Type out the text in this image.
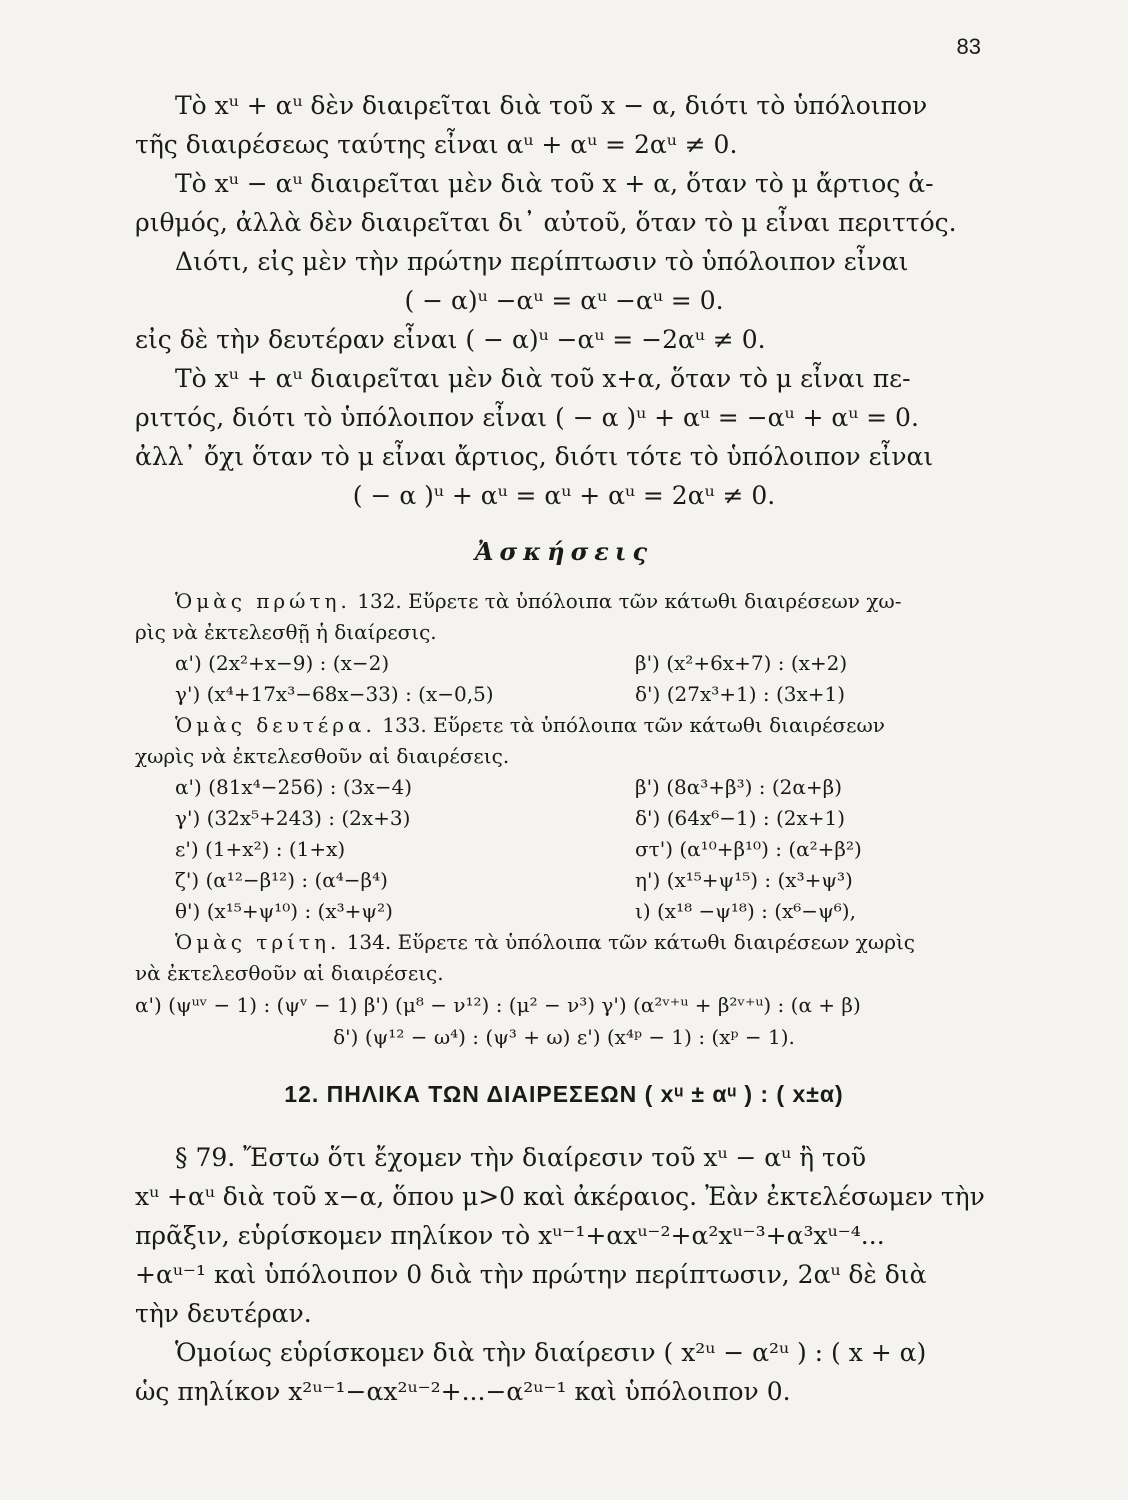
83
Τὸ xᵘ + αᵘ δὲν διαιρεῖται διὰ τοῦ x − α, διότι τὸ ὑπόλοιπον
τῆς διαιρέσεως ταύτης εἶναι αᵘ + αᵘ = 2αᵘ ≠ 0.
Τὸ xᵘ − αᵘ διαιρεῖται μὲν διὰ τοῦ x + α, ὅταν τὸ μ ἄρτιος ἀ-
ριθμός, ἀλλὰ δὲν διαιρεῖται δι᾿ αὐτοῦ, ὅταν τὸ μ εἶναι περιττός.
Διότι, εἰς μὲν τὴν πρώτην περίπτωσιν τὸ ὑπόλοιπον εἶναι
( − α)ᵘ −αᵘ = αᵘ −αᵘ = 0.
εἰς δὲ τὴν δευτέραν εἶναι ( − α)ᵘ −αᵘ = −2αᵘ ≠ 0.
Τὸ xᵘ + αᵘ διαιρεῖται μὲν διὰ τοῦ x+α, ὅταν τὸ μ εἶναι πε-
ριττός, διότι τὸ ὑπόλοιπον εἶναι ( − α )ᵘ + αᵘ = −αᵘ + αᵘ = 0.
ἀλλ᾿ ὄχι ὅταν τὸ μ εἶναι ἄρτιος, διότι τότε τὸ ὑπόλοιπον εἶναι
( − α )ᵘ + αᵘ = αᵘ + αᵘ = 2αᵘ ≠ 0.
Ἀσκήσεις
Ὁμὰς πρώτη. 132. Εὕρετε τὰ ὑπόλοιπα τῶν κάτωθι διαιρέσεων χω-
ρὶς νὰ ἐκτελεσθῇ ἡ διαίρεσις.
α') (2x²+x−9) : (x−2)	β') (x²+6x+7) : (x+2)
γ') (x⁴+17x³−68x−33) : (x−0,5)	δ') (27x³+1) : (3x+1)
Ὁμὰς δευτέρα. 133. Εὕρετε τὰ ὑπόλοιπα τῶν κάτωθι διαιρέσεων
χωρὶς νὰ ἐκτελεσθοῦν αἱ διαιρέσεις.
α') (81x⁴−256) : (3x−4)	β') (8α³+β³) : (2α+β)
γ') (32x⁵+243) : (2x+3)	δ') (64x⁶−1) : (2x+1)
ε') (1+x²) : (1+x)	στ') (α¹⁰+β¹⁰) : (α²+β²)
ζ') (α¹²−β¹²) : (α⁴−β⁴)	η') (x¹⁵+ψ¹⁵) : (x³+ψ³)
θ') (x¹⁵+ψ¹⁰) : (x³+ψ²)	ι) (x¹⁸ −ψ¹⁸) : (x⁶−ψ⁶),
Ὁμὰς τρίτη. 134. Εὕρετε τὰ ὑπόλοιπα τῶν κάτωθι διαιρέσεων χωρὶς
νὰ ἐκτελεσθοῦν αἱ διαιρέσεις.
α') (ψᵘᵛ − 1) : (ψᵛ − 1) β') (μ⁸ − ν¹²) : (μ² − ν³) γ') (α²ᵛ⁺ᵘ + β²ᵛ⁺ᵘ) : (α + β)
δ') (ψ¹² − ω⁴) : (ψ³ + ω) ε') (x⁴ᵖ − 1) : (xᵖ − 1).
12. ΠΗΛΙΚΑ ΤΩΝ ΔΙΑΙΡΕΣΕΩΝ ( xᵘ ± αᵘ ) : ( x±α)
§ 79. Ἔστω ὅτι ἔχομεν τὴν διαίρεσιν τοῦ xᵘ − αᵘ ἢ τοῦ
xᵘ +αᵘ διὰ τοῦ x−α, ὅπου μ>0 καὶ ἀκέραιος. Ἐὰν ἐκτελέσωμεν τὴν
πρᾶξιν, εὑρίσκομεν πηλίκον τὸ xᵘ⁻¹+αxᵘ⁻²+α²xᵘ⁻³+α³xᵘ⁻⁴...
+αᵘ⁻¹ καὶ ὑπόλοιπον 0 διὰ τὴν πρώτην περίπτωσιν, 2αᵘ δὲ διὰ
τὴν δευτέραν.
Ὁμοίως εὑρίσκομεν διὰ τὴν διαίρεσιν ( x²ᵘ − α²ᵘ ) : ( x + α)
ὡς πηλίκον x²ᵘ⁻¹−αx²ᵘ⁻²+...−α²ᵘ⁻¹ καὶ ὑπόλοιπον 0.
